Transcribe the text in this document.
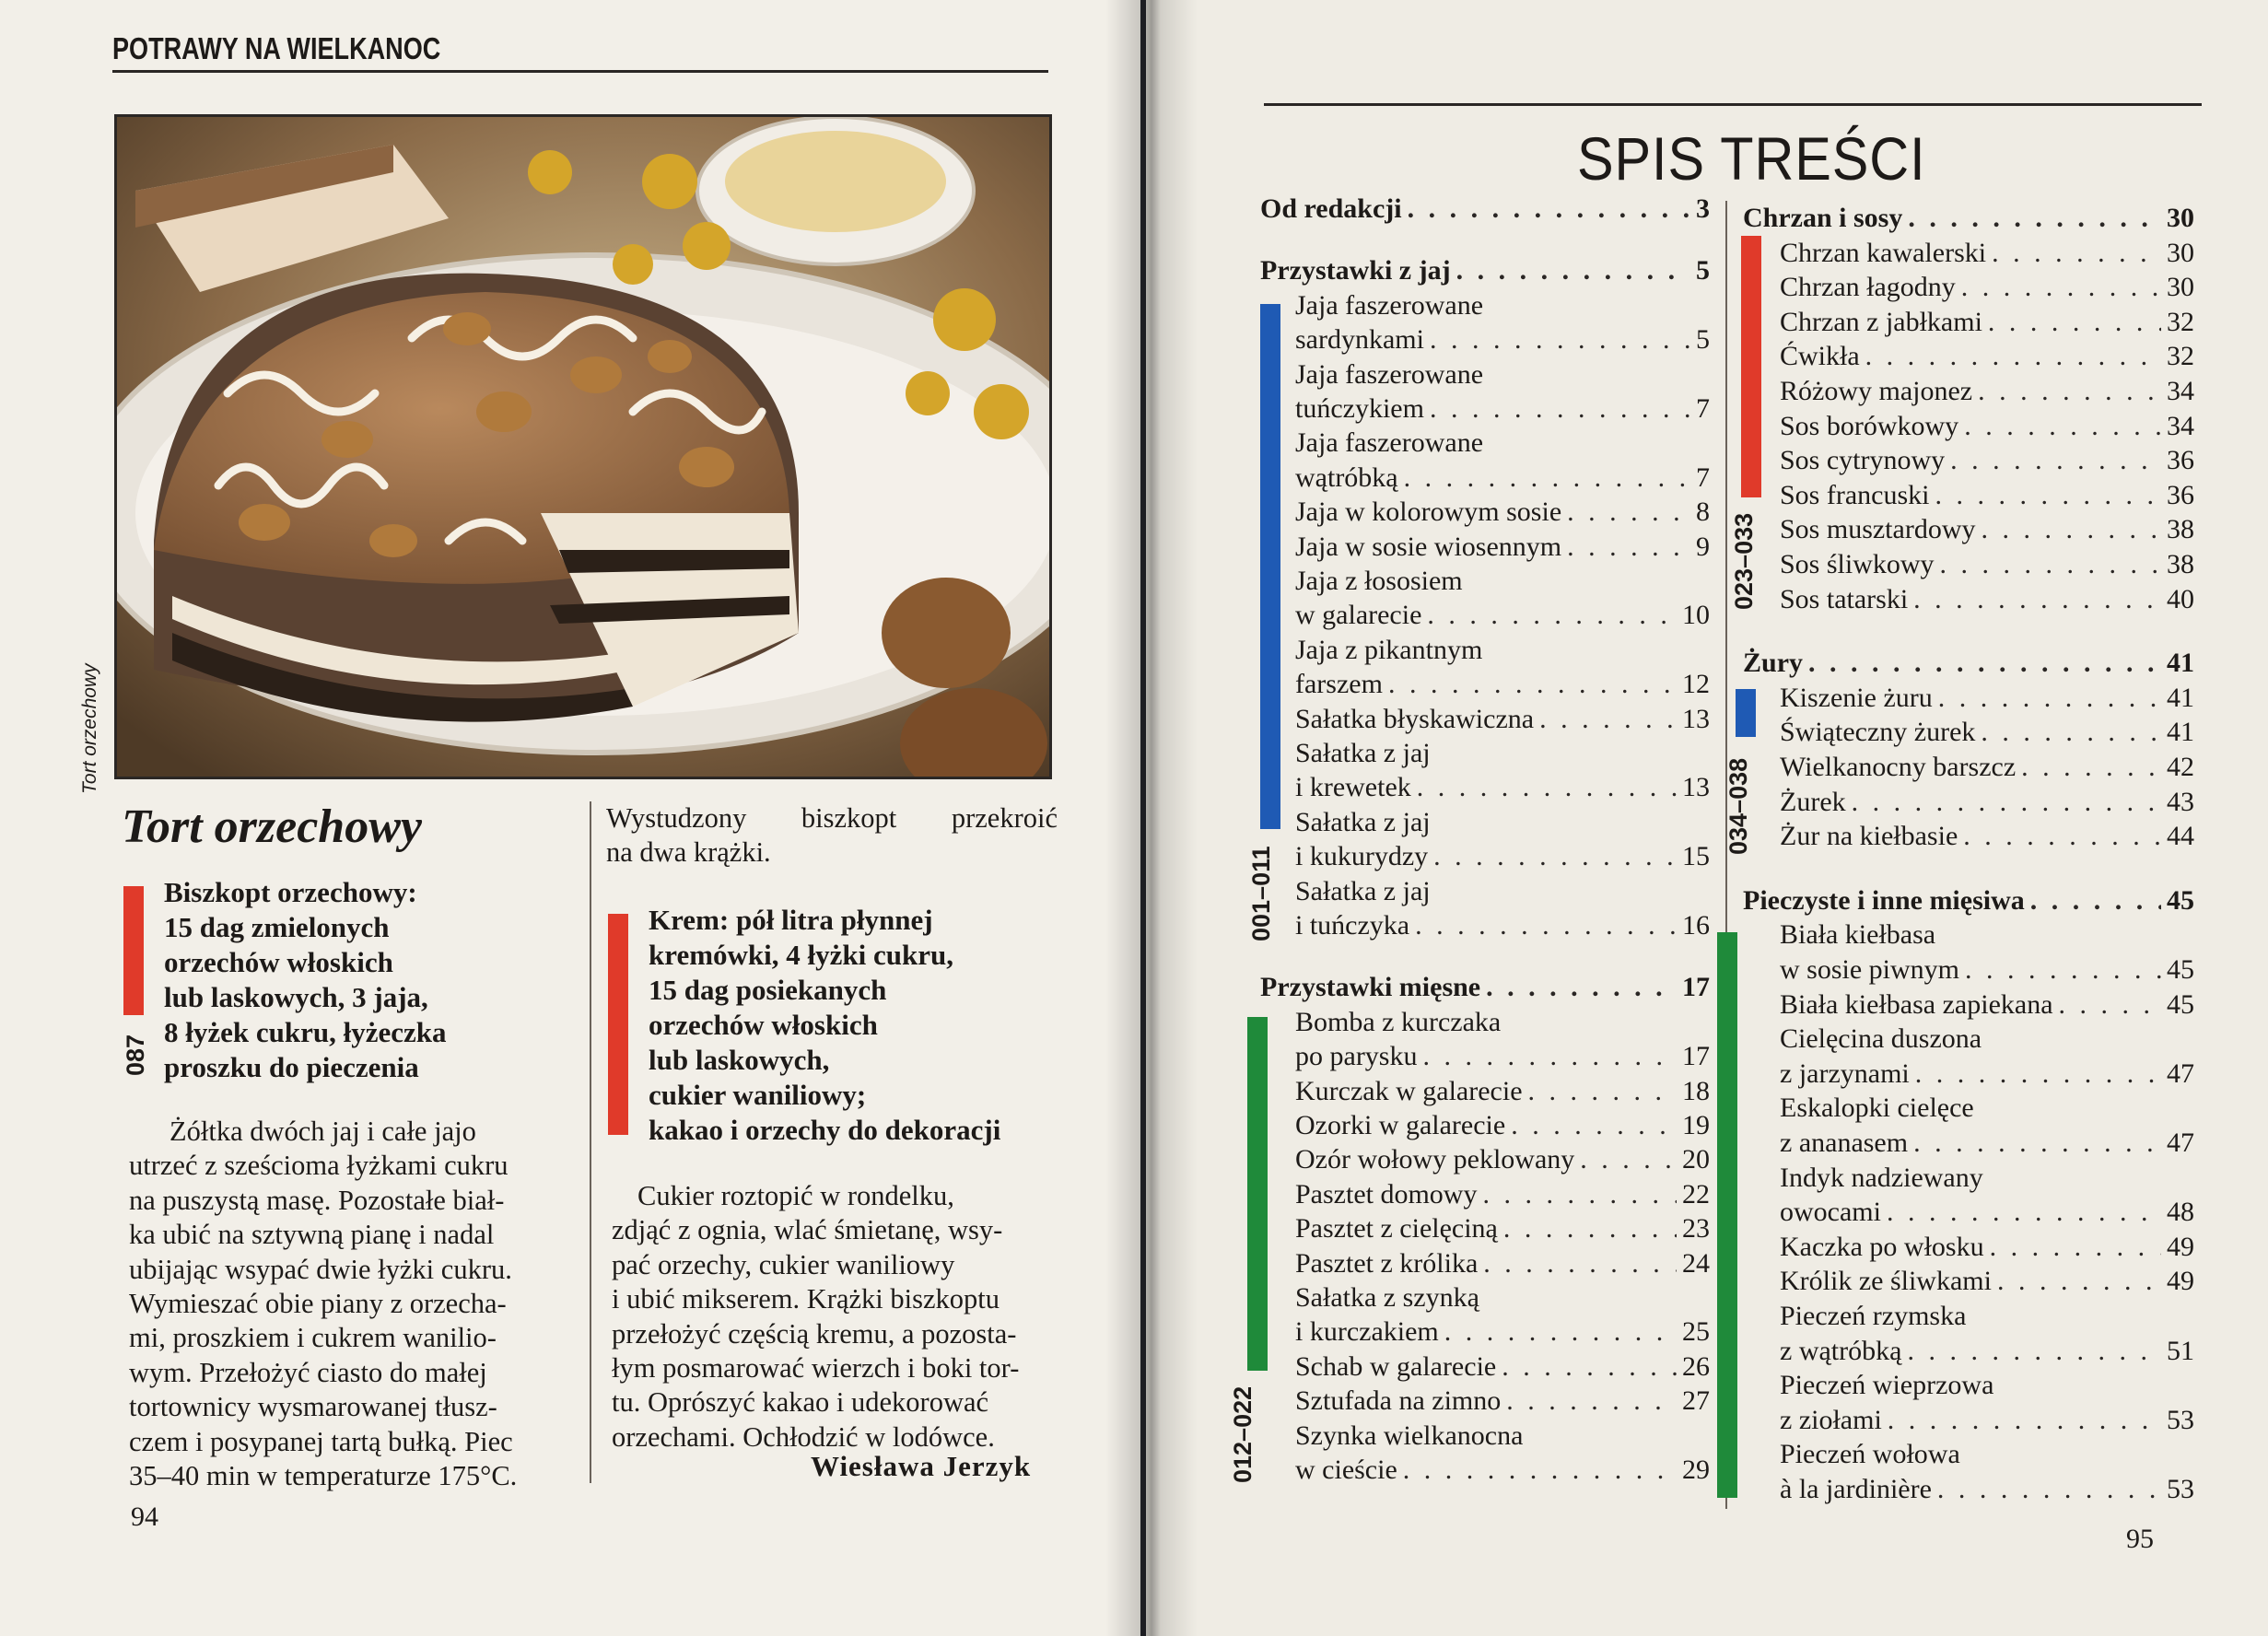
POTRAWY NA WIELKANOC
Tort orzechowy
Tort orzechowy
087
Biszkopt orzechowy:
15 dag zmielonych
orzechów włoskich
lub laskowych, 3 jaja,
8 łyżek cukru, łyżeczka
proszku do pieczenia
Żółtka dwóch jaj i całe jajo
utrzeć z sześcioma łyżkami cukru
na puszystą masę. Pozostałe biał-
ka ubić na sztywną pianę i nadal
ubijając wsypać dwie łyżki cukru.
Wymieszać obie piany z orzecha-
mi, proszkiem i cukrem wanilio-
wym. Przełożyć ciasto do małej
tortownicy wysmarowanej tłusz-
czem i posypanej tartą bułką. Piec
35–40 min w temperaturze 175°C.
Wystudzony biszkopt przekroić
na dwa krążki.
Krem: pół litra płynnej
kremówki, 4 łyżki cukru,
15 dag posiekanych
orzechów włoskich
lub laskowych,
cukier waniliowy;
kakao i orzechy do dekoracji
Cukier roztopić w rondelku,
zdjąć z ognia, wlać śmietanę, wsy-
pać orzechy, cukier waniliowy
i ubić mikserem. Krążki biszkoptu
przełożyć częścią kremu, a pozosta-
łym posmarować wierzch i boki tor-
tu. Oprószyć kakao i udekorować
orzechami. Ochłodzić w lodówce.
Wiesława Jerzyk
94
SPIS TREŚCI
001–011
012–022
023–033
034–038
Od redakcji . . .	3
Przystawki z jaj . . .	5
Jaja faszerowane
sardynkami . . .	5
Jaja faszerowane
tuńczykiem . . .	7
Jaja faszerowane
wątróbką . . .	7
Jaja w kolorowym sosie . . .	8
Jaja w sosie wiosennym . . .	9
Jaja z łososiem
w galarecie . . .	10
Jaja z pikantnym
farszem . . .	12
Sałatka błyskawiczna . . .	13
Sałatka z jaj
i krewetek . . .	13
Sałatka z jaj
i kukurydzy . . .	15
Sałatka z jaj
i tuńczyka . . .	16
Przystawki mięsne . . .	17
Bomba z kurczaka
po parysku . . .	17
Kurczak w galarecie . . .	18
Ozorki w galarecie . . .	19
Ozór wołowy peklowany . . .	20
Pasztet domowy . . .	22
Pasztet z cielęciną . . .	23
Pasztet z królika . . .	24
Sałatka z szynką
i kurczakiem . . .	25
Schab w galarecie . . .	26
Sztufada na zimno . . .	27
Szynka wielkanocna
w cieście . . .	29
Chrzan i sosy . . .	30
Chrzan kawalerski . . .	30
Chrzan łagodny . . .	30
Chrzan z jabłkami . . .	32
Ćwikła . . .	32
Różowy majonez . . .	34
Sos borówkowy . . .	34
Sos cytrynowy . . .	36
Sos francuski . . .	36
Sos musztardowy . . .	38
Sos śliwkowy . . .	38
Sos tatarski . . .	40
Żury . . .	41
Kiszenie żuru . . .	41
Świąteczny żurek . . .	41
Wielkanocny barszcz . . .	42
Żurek . . .	43
Żur na kiełbasie . . .	44
Pieczyste i inne mięsiwa . . .	45
Biała kiełbasa
w sosie piwnym . . .	45
Biała kiełbasa zapiekana . . .	45
Cielęcina duszona
z jarzynami . . .	47
Eskalopki cielęce
z ananasem . . .	47
Indyk nadziewany
owocami . . .	48
Kaczka po włosku . . .	49
Królik ze śliwkami . . .	49
Pieczeń rzymska
z wątróbką . . .	51
Pieczeń wieprzowa
z ziołami . . .	53
Pieczeń wołowa
à la jardinière . . .	53
95
